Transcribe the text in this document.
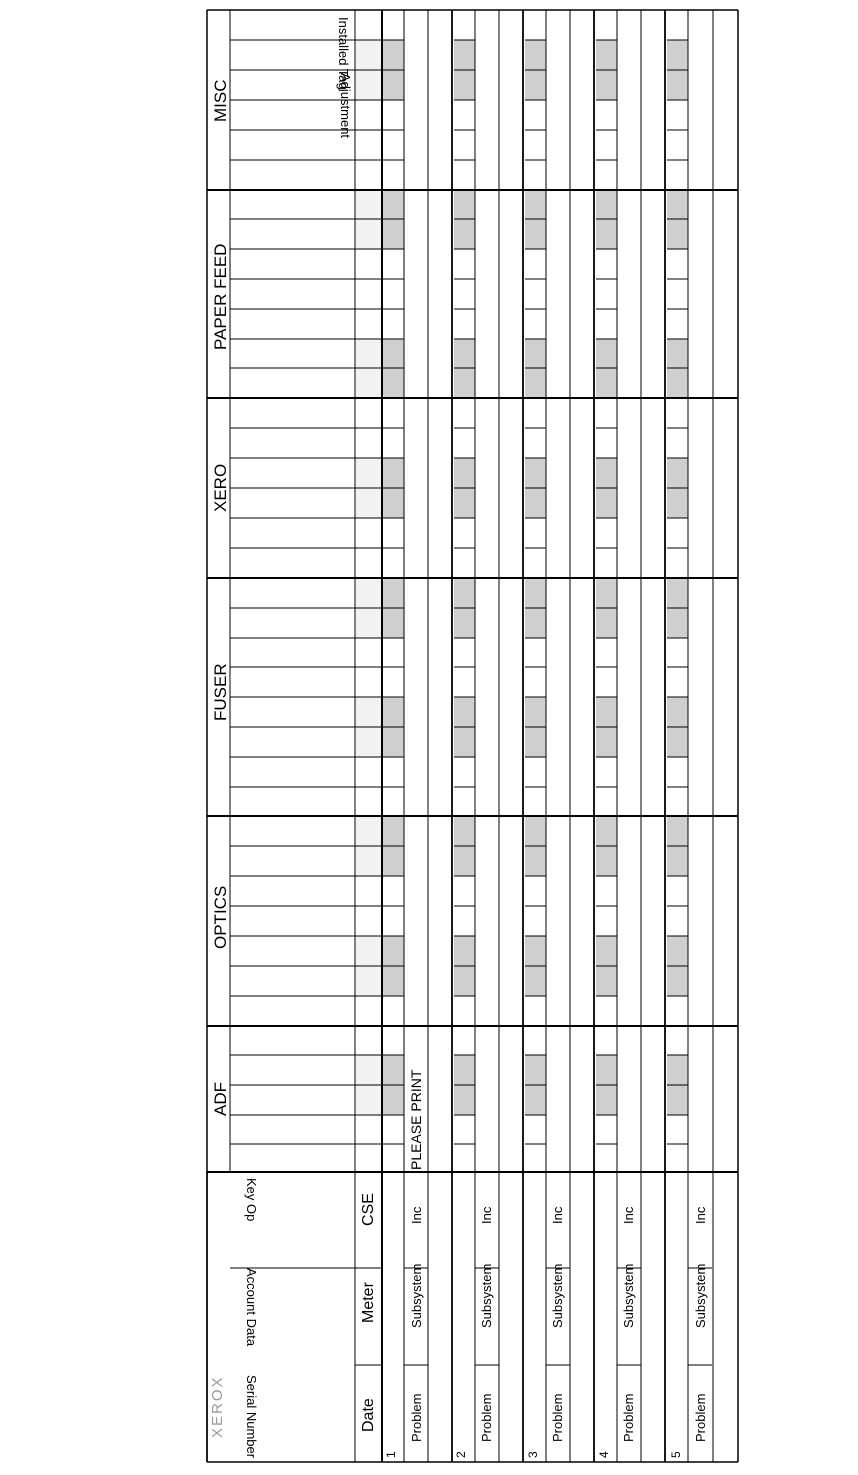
XEROX Serial Number
Account Data
Key Op
Date
Meter
CSE
ADF
OPTICS
FUSER
XERO
PAPER FEED
MISC	Adjustment
Installed Tag
1
Problem
Subsystem
Inc
PLEASE PRINT
2
Problem
Subsystem
Inc
3
Problem
Subsystem
Inc
4
Problem
Subsystem
Inc
5
Problem
Subsystem
Inc
